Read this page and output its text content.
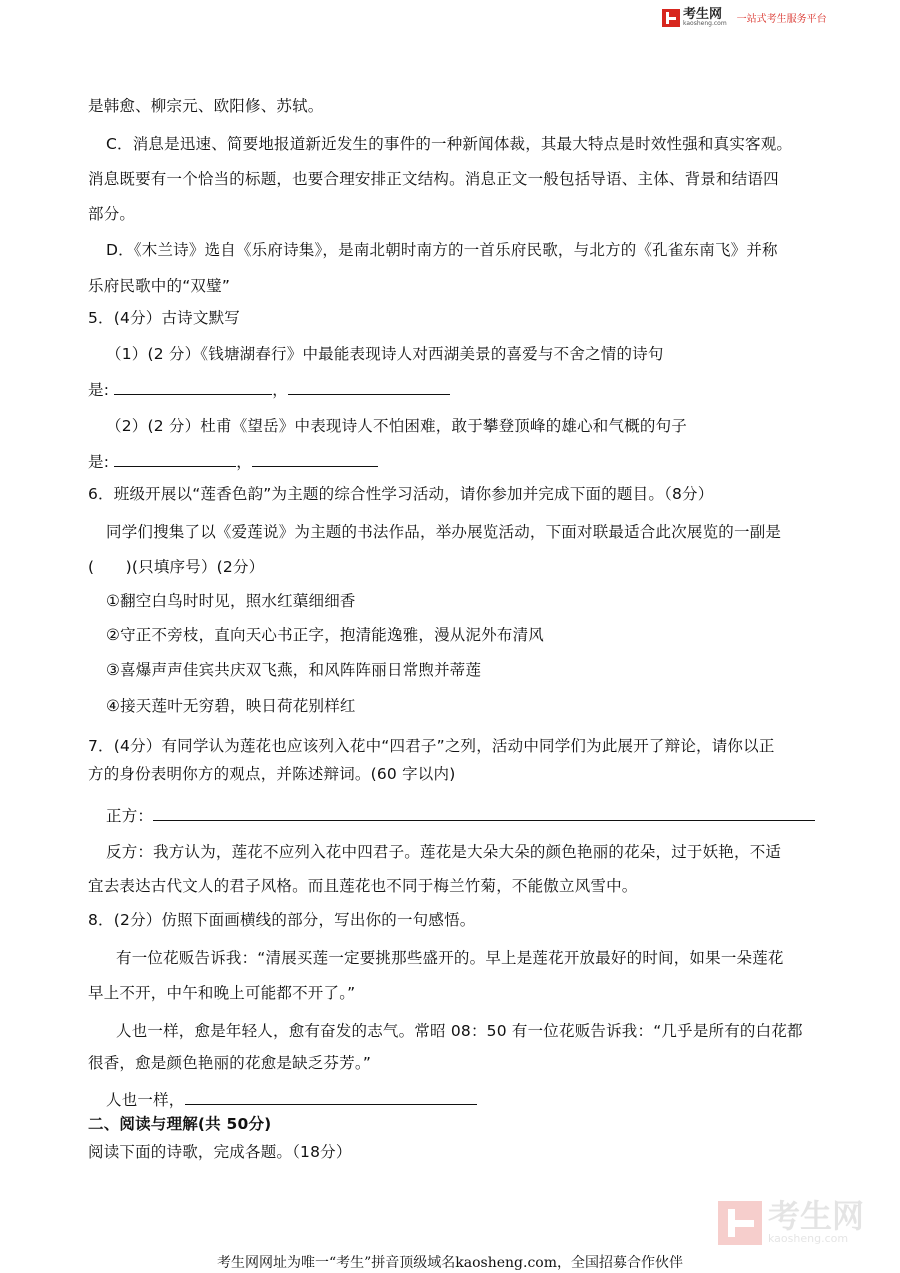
考生网
kaosheng.com 一站式考生服务平台
是韩愈、柳宗元、欧阳修、苏轼。
C．消息是迅速、简要地报道新近发生的事件的一种新闻体裁，其最大特点是时效性强和真实客观。
消息既要有一个恰当的标题，也要合理安排正文结构。消息正文一般包括导语、主体、背景和结语四
部分。
D．《木兰诗》选自《乐府诗集》，是南北朝时南方的一首乐府民歌，与北方的《孔雀东南飞》并称
乐府民歌中的“双璧”
5．(4分）古诗文默写
（1）(2 分）《钱塘湖春行》中最能表现诗人对西湖美景的喜爱与不舍之情的诗句
是:	，
（2）(2 分）杜甫《望岳》中表现诗人不怕困难，敢于攀登顶峰的雄心和气概的句子
是:	，
6．班级开展以“莲香色韵”为主题的综合性学习活动，请你参加并完成下面的题目。（8分）
同学们搜集了以《爱莲说》为主题的书法作品，举办展览活动，下面对联最适合此次展览的一副是
(　　)(只填序号）(2分）
①翻空白鸟时时见，照水红蕖细细香
②守正不旁枝，直向天心书正字，抱清能逸雅，漫从泥外布清风
③喜爆声声佳宾共庆双飞燕，和风阵阵丽日常煦并蒂莲
④接天莲叶无穷碧，映日荷花别样红
7．(4分）有同学认为莲花也应该列入花中“四君子”之列，活动中同学们为此展开了辩论，请你以正
方的身份表明你方的观点，并陈述辩词。(60 字以内)
正方：
反方：我方认为，莲花不应列入花中四君子。莲花是大朵大朵的颜色艳丽的花朵，过于妖艳，不适
宜去表达古代文人的君子风格。而且莲花也不同于梅兰竹菊，不能傲立风雪中。
8．(2分）仿照下面画横线的部分，写出你的一句感悟。
有一位花贩告诉我：“清展买莲一定要挑那些盛开的。早上是莲花开放最好的时间，如果一朵莲花
早上不开，中午和晚上可能都不开了。”
人也一样，愈是年轻人，愈有奋发的志气。常昭 08：50 有一位花贩告诉我：“几乎是所有的白花都
很香，愈是颜色艳丽的花愈是缺乏芬芳。”
人也一样，
二、阅读与理解(共 50分)
阅读下面的诗歌，完成各题。（18分）
考生网
kaosheng.com
考生网网址为唯一“考生”拼音顶级域名kaosheng.com，全国招募合作伙伴
